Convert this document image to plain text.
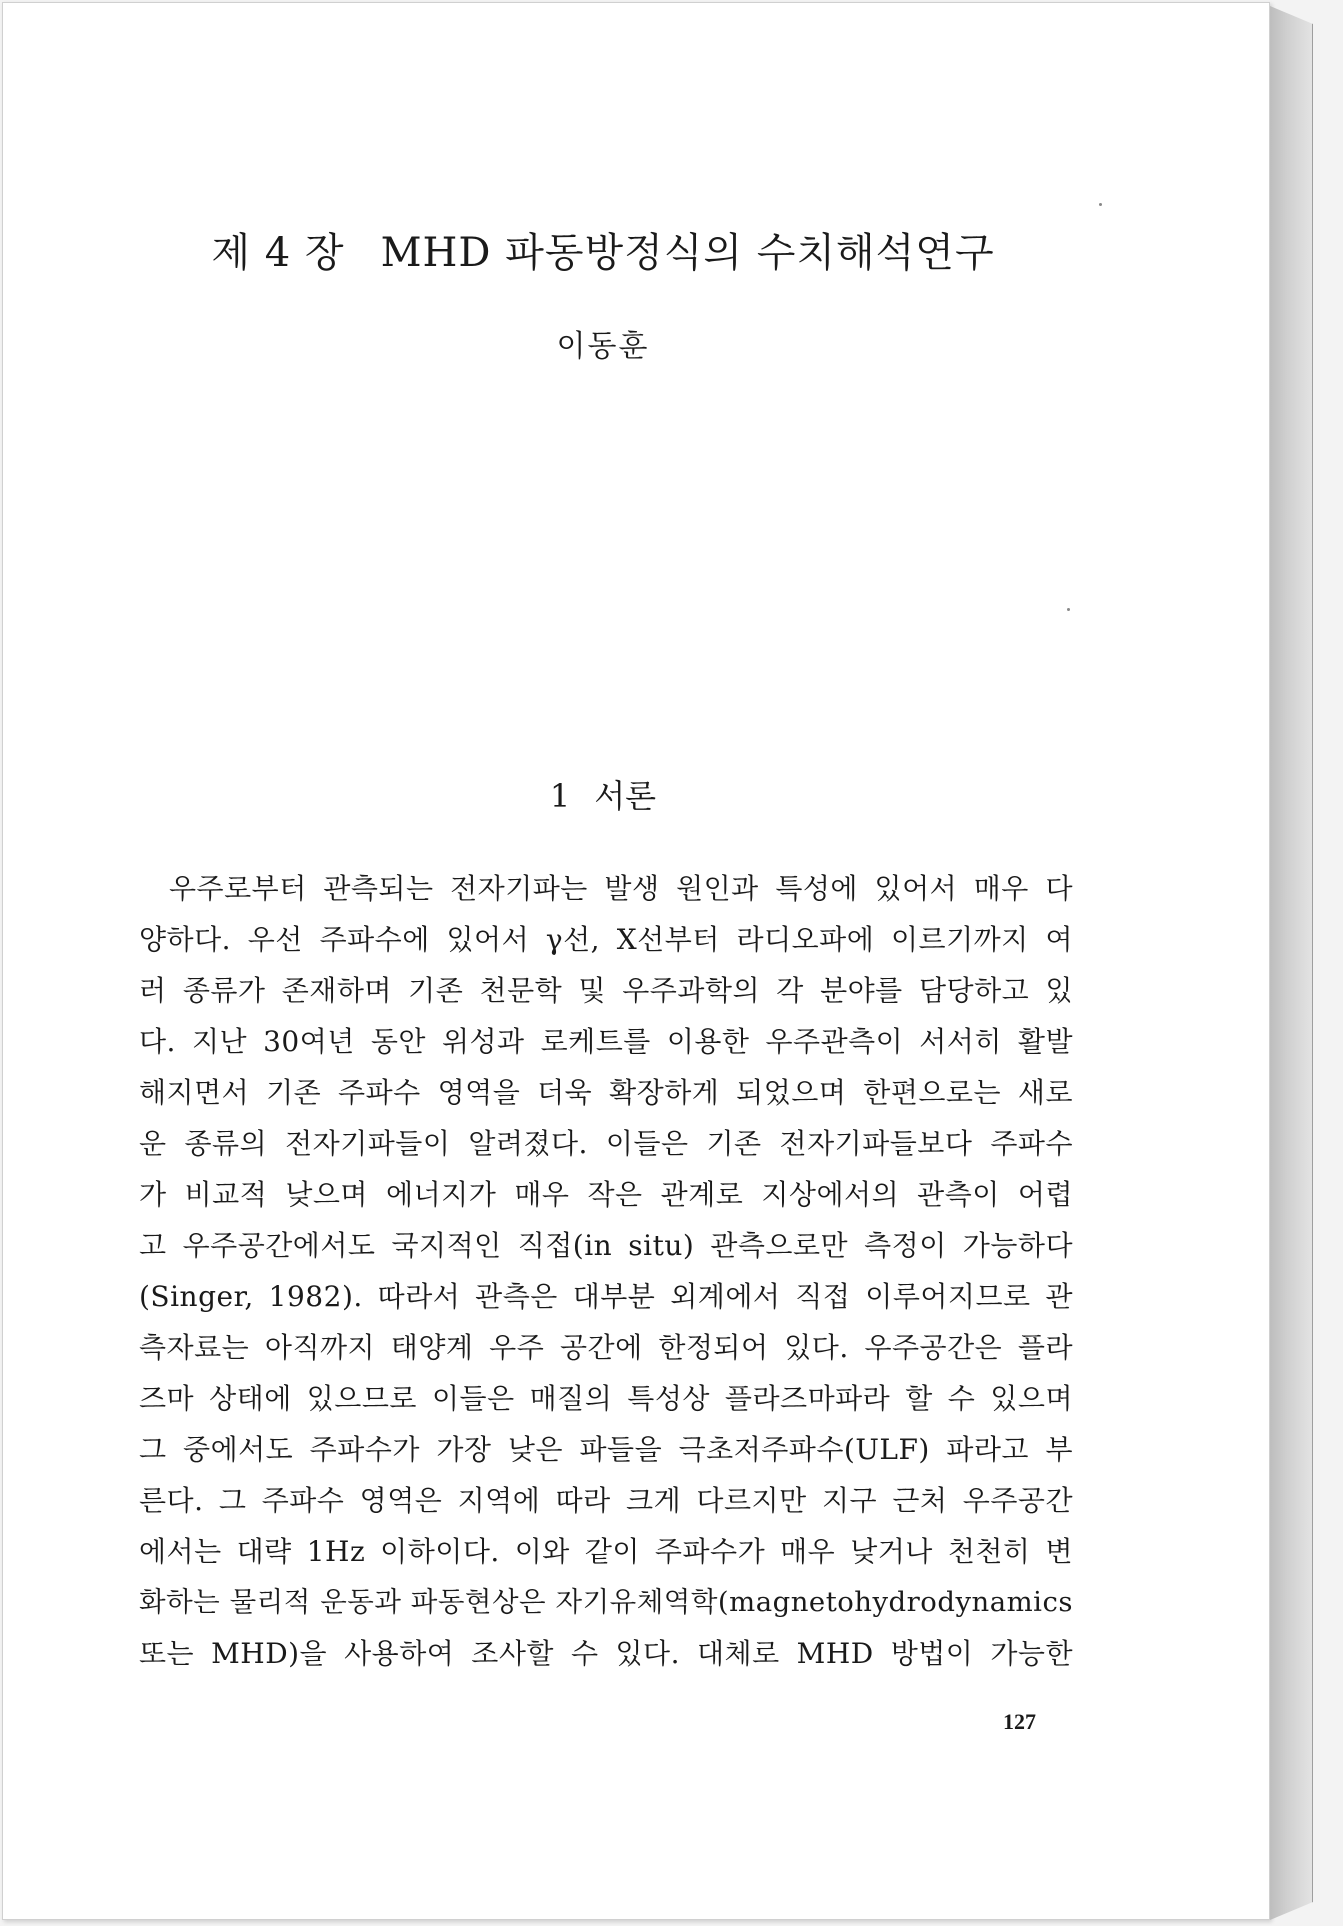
제 4 장 MHD 파동방정식의 수치해석연구
이동훈
1 서론
우주로부터 관측되는 전자기파는 발생 원인과 특성에 있어서 매우 다
양하다. 우선 주파수에 있어서 γ선, X선부터 라디오파에 이르기까지 여
러 종류가 존재하며 기존 천문학 및 우주과학의 각 분야를 담당하고 있
다. 지난 30여년 동안 위성과 로케트를 이용한 우주관측이 서서히 활발
해지면서 기존 주파수 영역을 더욱 확장하게 되었으며 한편으로는 새로
운 종류의 전자기파들이 알려졌다. 이들은 기존 전자기파들보다 주파수
가 비교적 낮으며 에너지가 매우 작은 관계로 지상에서의 관측이 어렵
고 우주공간에서도 국지적인 직접(in situ) 관측으로만 측정이 가능하다
(Singer, 1982). 따라서 관측은 대부분 외계에서 직접 이루어지므로 관
측자료는 아직까지 태양계 우주 공간에 한정되어 있다. 우주공간은 플라
즈마 상태에 있으므로 이들은 매질의 특성상 플라즈마파라 할 수 있으며
그 중에서도 주파수가 가장 낮은 파들을 극초저주파수(ULF) 파라고 부
른다. 그 주파수 영역은 지역에 따라 크게 다르지만 지구 근처 우주공간
에서는 대략 1Hz 이하이다. 이와 같이 주파수가 매우 낮거나 천천히 변
화하는 물리적 운동과 파동현상은 자기유체역학(magnetohydrodynamics
또는 MHD)을 사용하여 조사할 수 있다. 대체로 MHD 방법이 가능한
127
